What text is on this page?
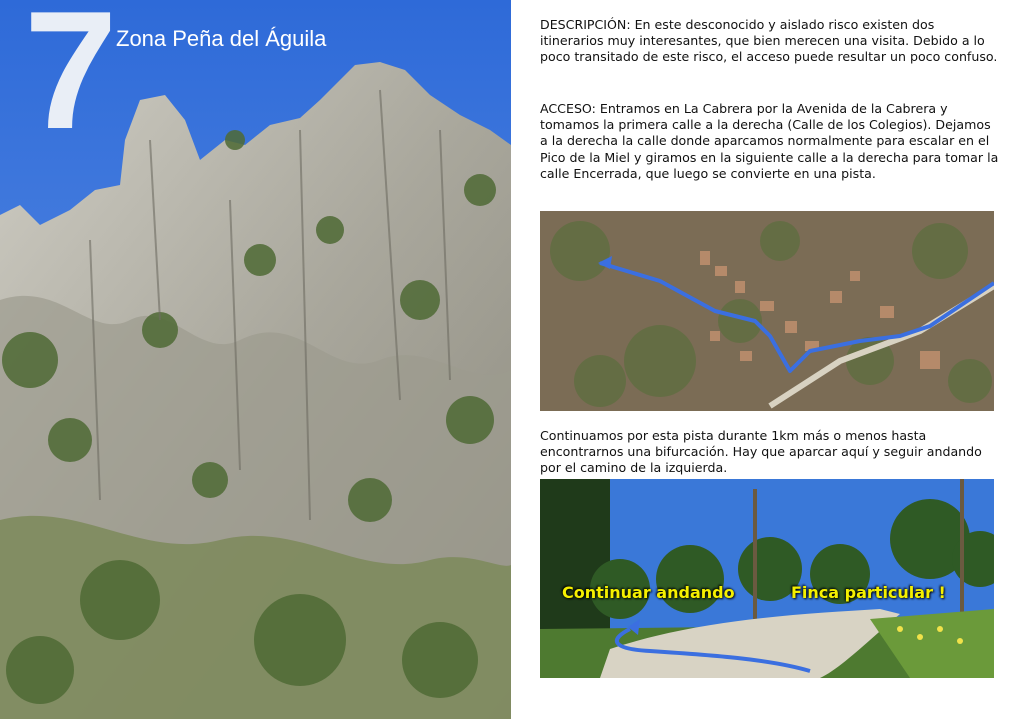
7 Zona Peña del Águila

DESCRIPCIÓN: En este desconocido y aislado risco existen dos itinerarios muy interesantes, que bien merecen una visita. Debido a lo poco transitado de este risco, el acceso puede resultar un poco confuso.

ACCESO: Entramos en La Cabrera por la Avenida de la Cabrera y tomamos la primera calle a la derecha (Calle de los Colegios). Dejamos a la derecha la calle donde aparcamos normalmente para escalar en el Pico de la Miel y giramos en la siguiente calle a la derecha para tomar la calle Encerrada, que luego se convierte en una pista.

Continuamos por esta pista durante 1km más o menos hasta encontrarnos una bifurcación. Hay que aparcar aquí y seguir andando por el camino de la izquierda.

Continuar andando	Finca particular !
